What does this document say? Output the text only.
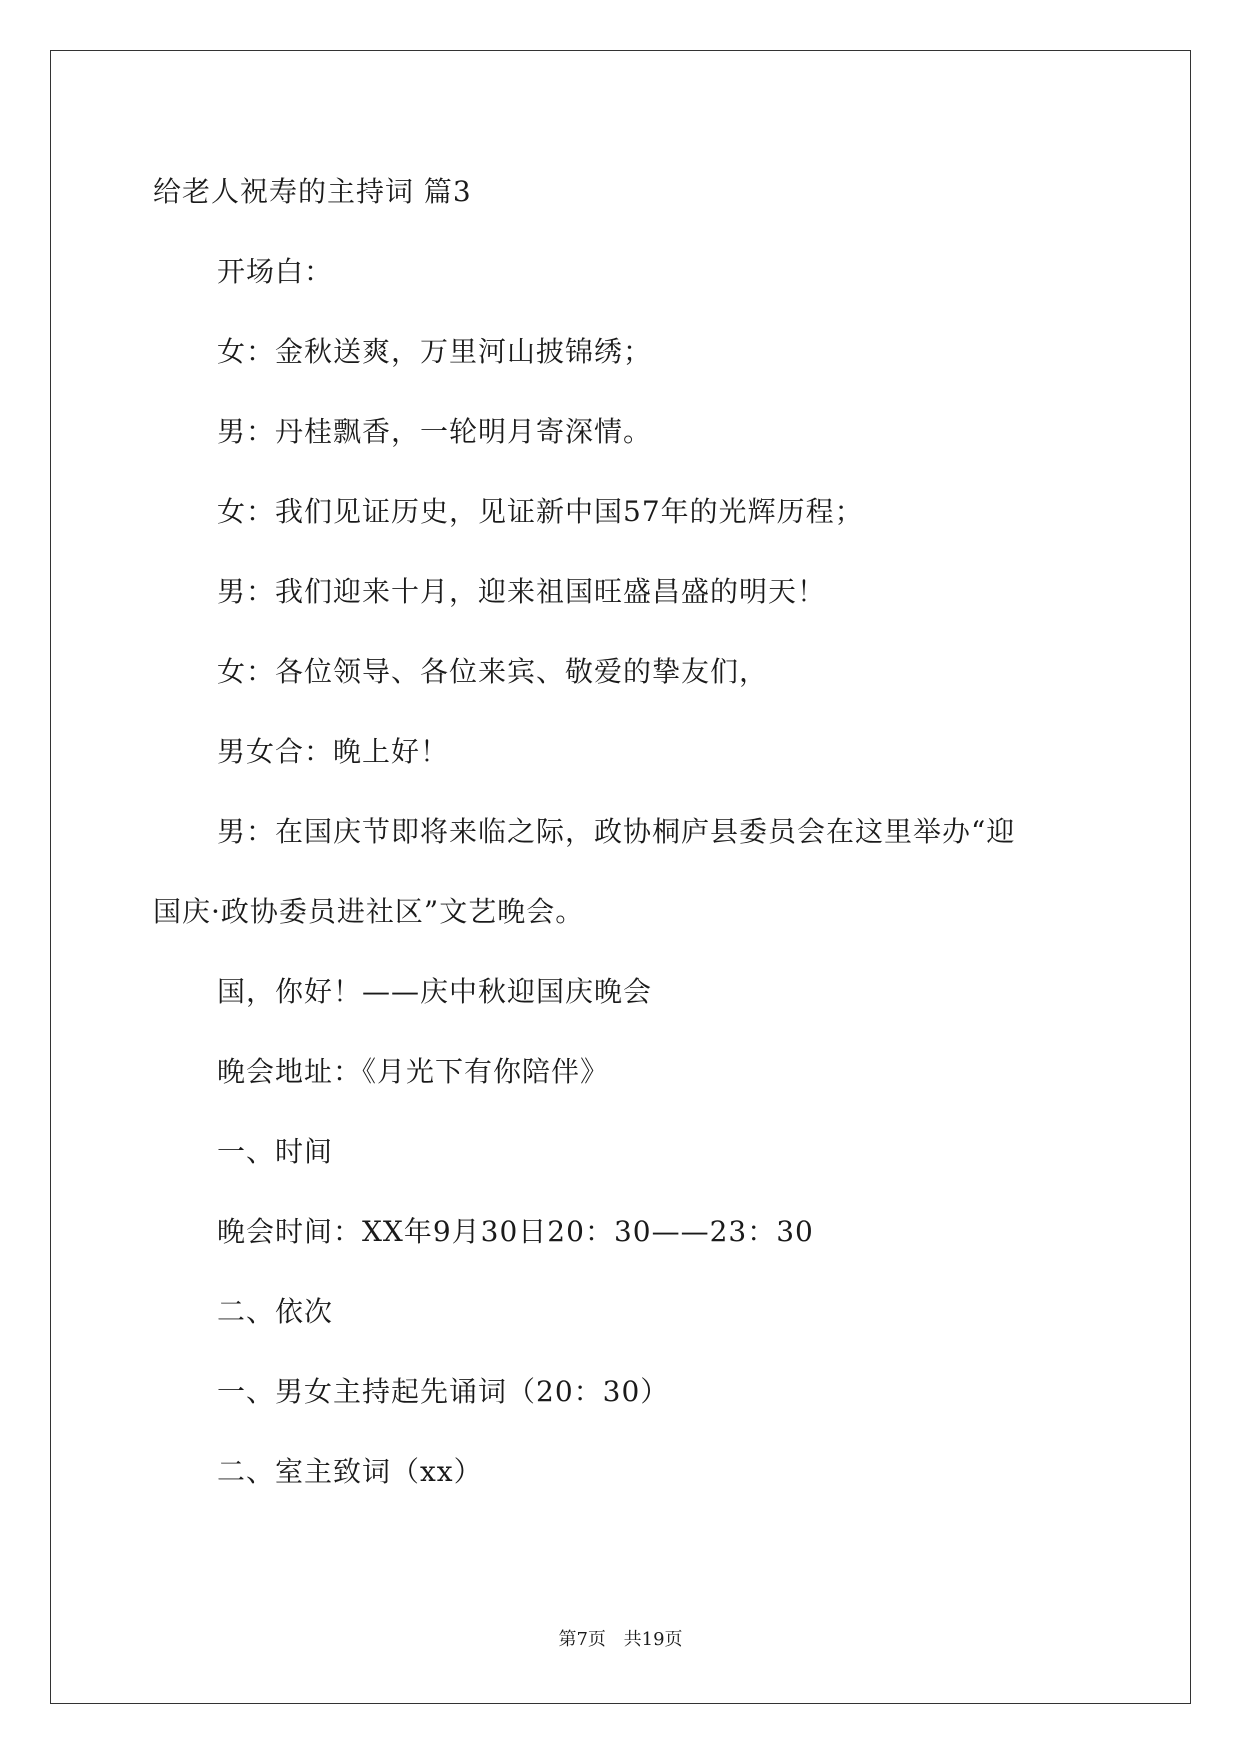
给老人祝寿的主持词 篇3
开场白：
女：金秋送爽，万里河山披锦绣；
男：丹桂飘香，一轮明月寄深情。
女：我们见证历史，见证新中国57年的光辉历程；
男：我们迎来十月，迎来祖国旺盛昌盛的明天！
女：各位领导、各位来宾、敬爱的挚友们，
男女合：晚上好！
男：在国庆节即将来临之际，政协桐庐县委员会在这里举办“迎
国庆·政协委员进社区”文艺晚会。
国，你好！——庆中秋迎国庆晚会
晚会地址：《月光下有你陪伴》
一、时间
晚会时间：XX年9月30日20：30——23：30
二、依次
一、男女主持起先诵词（20：30）
二、室主致词（xx）
第7页 共19页
